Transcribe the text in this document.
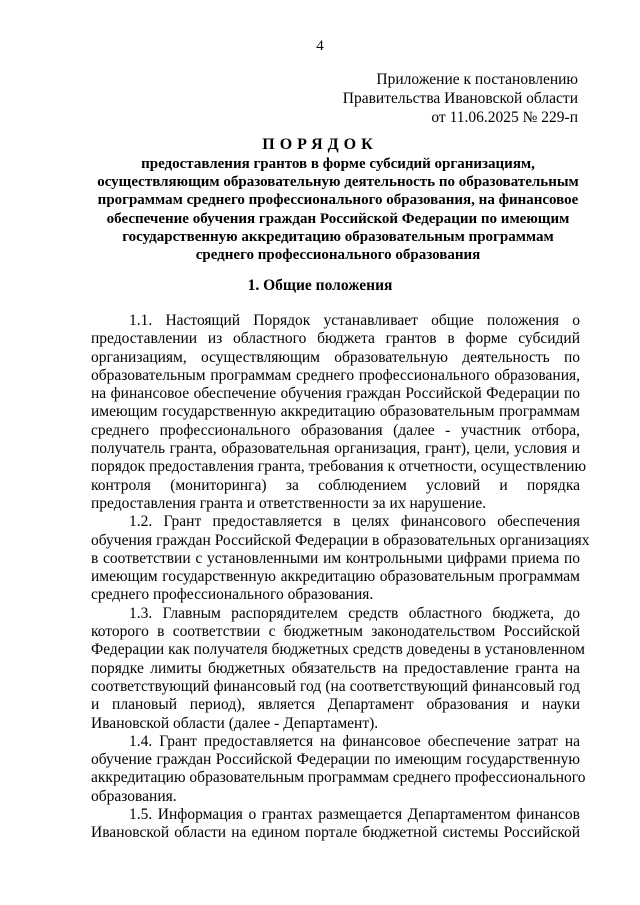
4
Приложение к постановлению
Правительства Ивановской области
от 11.06.2025 № 229-п
ПОРЯДОК
предоставления грантов в форме субсидий организациям,
осуществляющим образовательную деятельность по образовательным
программам среднего профессионального образования, на финансовое
обеспечение обучения граждан Российской Федерации по имеющим
государственную аккредитацию образовательным программам
среднего профессионального образования
1. Общие положения
1.1. Настоящий Порядок устанавливает общие положения о
предоставлении из областного бюджета грантов в форме субсидий
организациям, осуществляющим образовательную деятельность по
образовательным программам среднего профессионального образования,
на финансовое обеспечение обучения граждан Российской Федерации по
имеющим государственную аккредитацию образовательным программам
среднего профессионального образования (далее - участник отбора,
получатель гранта, образовательная организация, грант), цели, условия и
порядок предоставления гранта, требования к отчетности, осуществлению
контроля (мониторинга) за соблюдением условий и порядка
предоставления гранта и ответственности за их нарушение.
1.2. Грант предоставляется в целях финансового обеспечения
обучения граждан Российской Федерации в образовательных организациях
в соответствии с установленными им контрольными цифрами приема по
имеющим государственную аккредитацию образовательным программам
среднего профессионального образования.
1.3. Главным распорядителем средств областного бюджета, до
которого в соответствии с бюджетным законодательством Российской
Федерации как получателя бюджетных средств доведены в установленном
порядке лимиты бюджетных обязательств на предоставление гранта на
соответствующий финансовый год (на соответствующий финансовый год
и плановый период), является Департамент образования и науки
Ивановской области (далее - Департамент).
1.4. Грант предоставляется на финансовое обеспечение затрат на
обучение граждан Российской Федерации по имеющим государственную
аккредитацию образовательным программам среднего профессионального
образования.
1.5. Информация о грантах размещается Департаментом финансов
Ивановской области на едином портале бюджетной системы Российской
